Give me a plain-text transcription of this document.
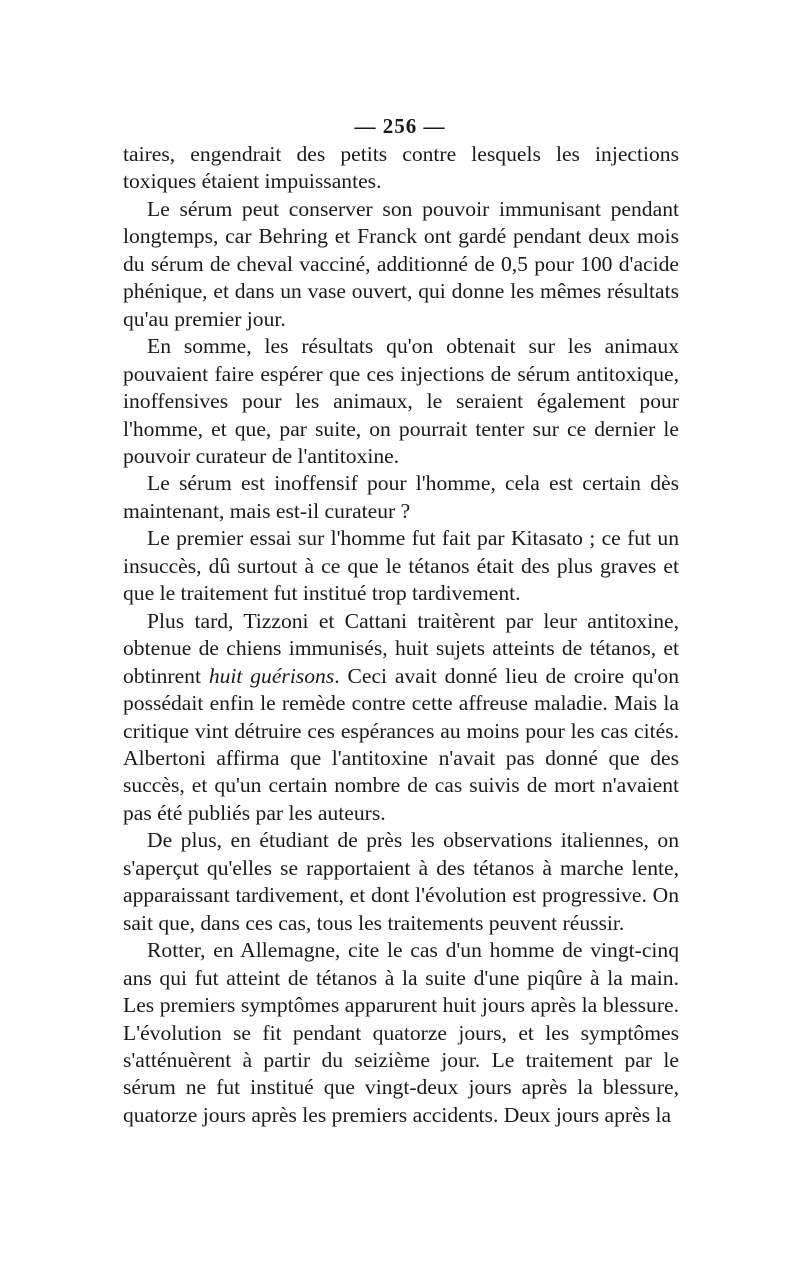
— 256 —

taires, engendrait des petits contre lesquels les injections toxiques étaient impuissantes.

Le sérum peut conserver son pouvoir immunisant pendant longtemps, car Behring et Franck ont gardé pendant deux mois du sérum de cheval vacciné, additionné de 0,5 pour 100 d'acide phénique, et dans un vase ouvert, qui donne les mêmes résultats qu'au premier jour.

En somme, les résultats qu'on obtenait sur les animaux pouvaient faire espérer que ces injections de sérum antitoxique, inoffensives pour les animaux, le seraient également pour l'homme, et que, par suite, on pourrait tenter sur ce dernier le pouvoir curateur de l'antitoxine.

Le sérum est inoffensif pour l'homme, cela est certain dès maintenant, mais est-il curateur ?

Le premier essai sur l'homme fut fait par Kitasato ; ce fut un insuccès, dû surtout à ce que le tétanos était des plus graves et que le traitement fut institué trop tardivement.

Plus tard, Tizzoni et Cattani traitèrent par leur antitoxine, obtenue de chiens immunisés, huit sujets atteints de tétanos, et obtinrent huit guérisons. Ceci avait donné lieu de croire qu'on possédait enfin le remède contre cette affreuse maladie. Mais la critique vint détruire ces espérances au moins pour les cas cités. Albertoni affirma que l'antitoxine n'avait pas donné que des succès, et qu'un certain nombre de cas suivis de mort n'avaient pas été publiés par les auteurs.

De plus, en étudiant de près les observations italiennes, on s'aperçut qu'elles se rapportaient à des tétanos à marche lente, apparaissant tardivement, et dont l'évolution est progressive. On sait que, dans ces cas, tous les traitements peuvent réussir.

Rotter, en Allemagne, cite le cas d'un homme de vingt-cinq ans qui fut atteint de tétanos à la suite d'une piqûre à la main. Les premiers symptômes apparurent huit jours après la blessure. L'évolution se fit pendant quatorze jours, et les symptômes s'atténuèrent à partir du seizième jour. Le traitement par le sérum ne fut institué que vingt-deux jours après la blessure, quatorze jours après les premiers accidents. Deux jours après la
